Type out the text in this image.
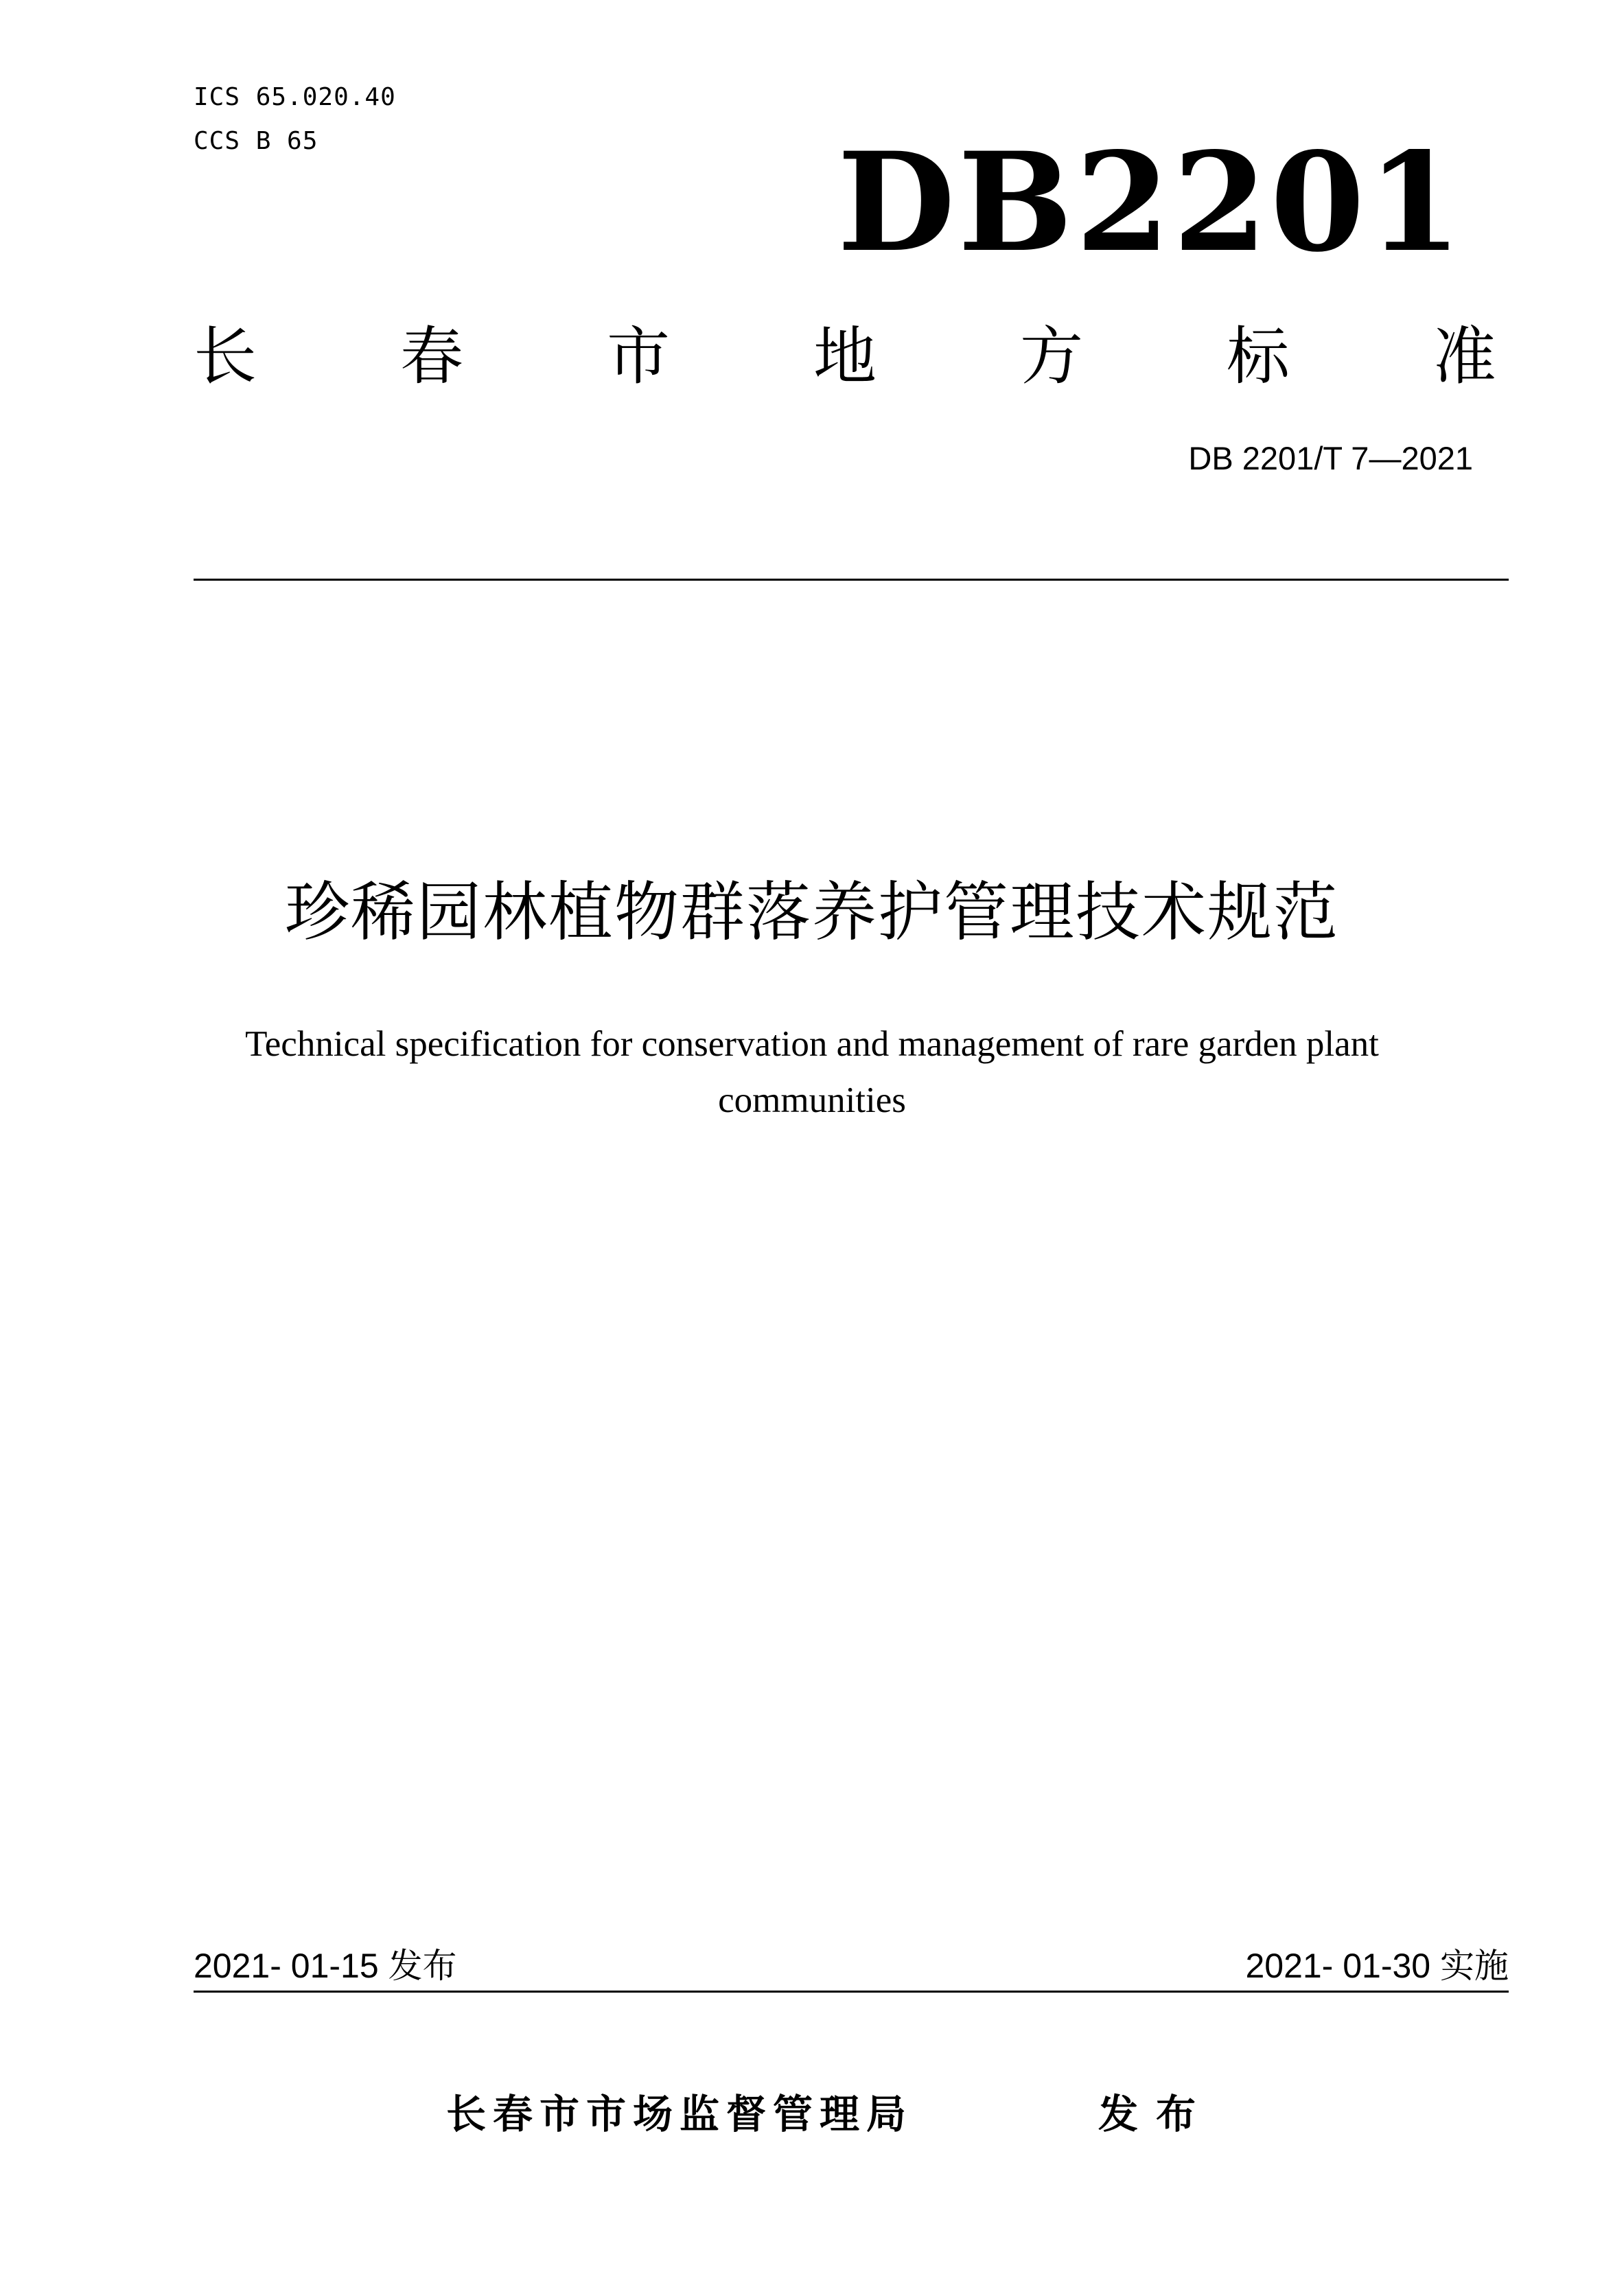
ICS 65.020.40
CCS B 65	DB2201
长 春 市 地 方 标 准
DB 2201/T 7—2021
珍稀园林植物群落养护管理技术规范
Technical specification for conservation and management of rare garden plant
communities
2021- 01-15 发布	2021- 01-30 实施
长春市市场监督管理局	发布
